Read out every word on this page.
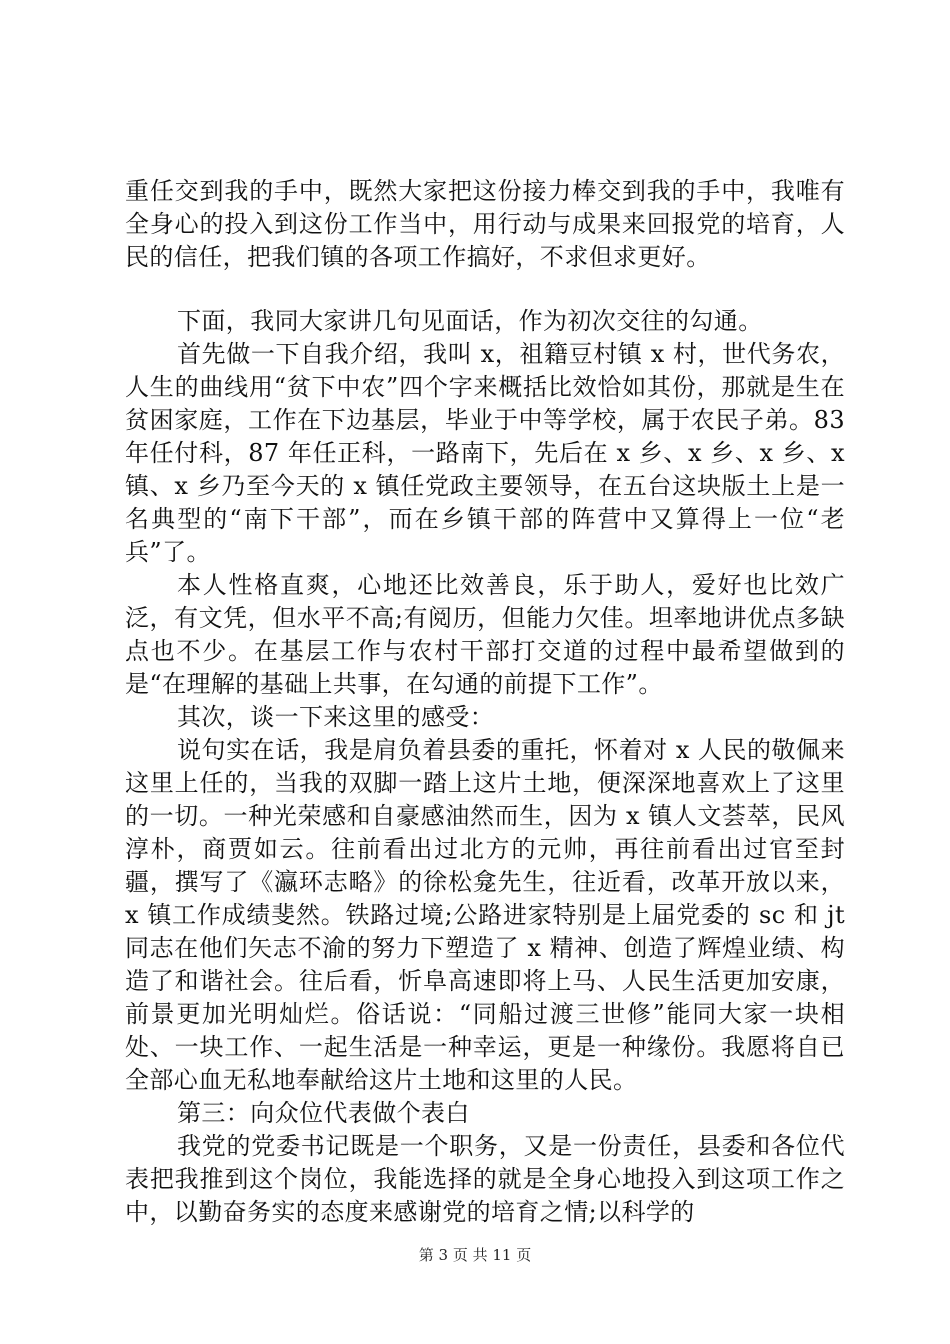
重任交到我的手中，既然大家把这份接力棒交到我的手中，我唯有全身心的投入到这份工作当中，用行动与成果来回报党的培育，人民的信任，把我们镇的各项工作搞好，不求但求更好。

下面，我同大家讲几句见面话，作为初次交往的勾通。

首先做一下自我介绍，我叫 x，祖籍豆村镇 x 村，世代务农，人生的曲线用“贫下中农”四个字来概括比效恰如其份，那就是生在贫困家庭，工作在下边基层，毕业于中等学校，属于农民子弟。83 年任付科，87 年任正科，一路南下，先后在 x 乡、x 乡、x 乡、x 镇、x 乡乃至今天的 x 镇任党政主要领导，在五台这块版土上是一名典型的“南下干部”，而在乡镇干部的阵营中又算得上一位“老兵”了。

本人性格直爽，心地还比效善良，乐于助人，爱好也比效广泛，有文凭，但水平不高;有阅历，但能力欠佳。坦率地讲优点多缺点也不少。在基层工作与农村干部打交道的过程中最希望做到的是“在理解的基础上共事，在勾通的前提下工作”。

其次，谈一下来这里的感受：

说句实在话，我是肩负着县委的重托，怀着对 x 人民的敬佩来这里上任的，当我的双脚一踏上这片土地，便深深地喜欢上了这里的一切。一种光荣感和自豪感油然而生，因为 x 镇人文荟萃，民风淳朴，商贾如云。往前看出过北方的元帅，再往前看出过官至封疆，撰写了《瀛环志略》的徐松龛先生，往近看，改革开放以来，x 镇工作成绩斐然。铁路过境;公路进家特别是上届党委的 sc 和 jt 同志在他们矢志不渝的努力下塑造了 x 精神、创造了辉煌业绩、构造了和谐社会。往后看，忻阜高速即将上马、人民生活更加安康，前景更加光明灿烂。俗话说：“同船过渡三世修”能同大家一块相处、一块工作、一起生活是一种幸运，更是一种缘份。我愿将自已全部心血无私地奉献给这片土地和这里的人民。

第三：向众位代表做个表白

我党的党委书记既是一个职务，又是一份责任，县委和各位代表把我推到这个岗位，我能选择的就是全身心地投入到这项工作之中，以勤奋务实的态度来感谢党的培育之情;以科学的

第 3 页 共 11 页
